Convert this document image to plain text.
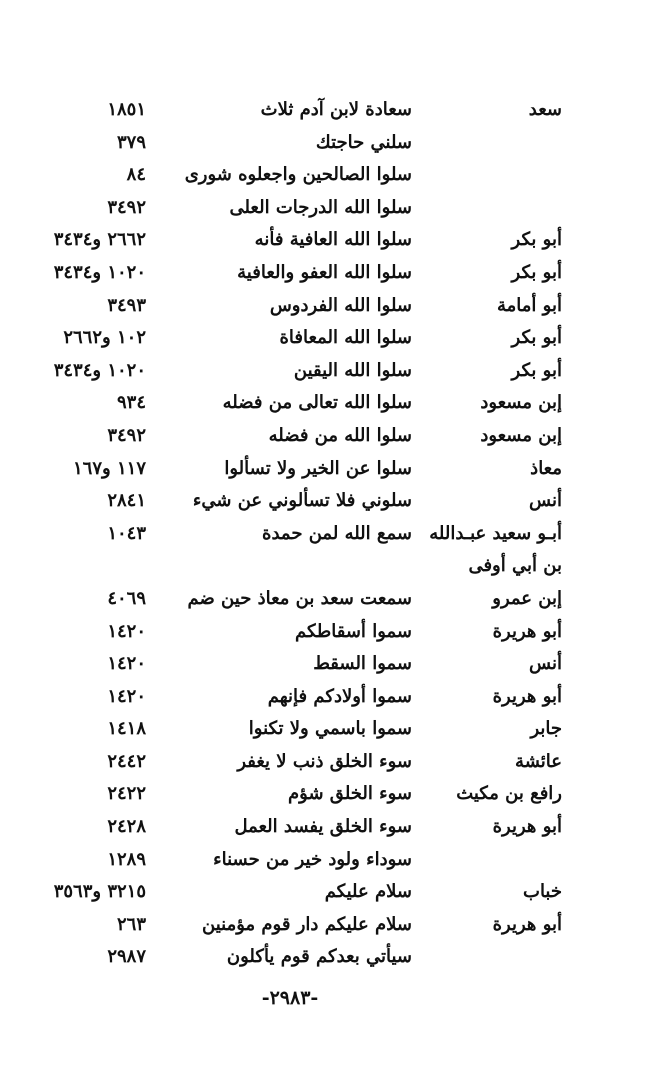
سعد
سعادة لابن آدم ثلاث
١٨٥١
سلني حاجتك
٣٧٩
سلوا الصالحين واجعلوه شورى
٨٤
سلوا الله الدرجات العلى
٣٤٩٢
أبو بكر
سلوا الله العافية فأنه
٢٦٦٢ و٣٤٣٤
أبو بكر
سلوا الله العفو والعافية
١٠٢٠ و٣٤٣٤
أبو أمامة
سلوا الله الفردوس
٣٤٩٣
أبو بكر
سلوا الله المعافاة
١٠٢ و٢٦٦٢
أبو بكر
سلوا الله اليقين
١٠٢٠ و٣٤٣٤
إبن مسعود
سلوا الله تعالى من فضله
٩٣٤
إبن مسعود
سلوا الله من فضله
٣٤٩٢
معاذ
سلوا عن الخير ولا تسألوا
١١٧ و١٦٧
أنس
سلوني فلا تسألوني عن شيء
٢٨٤١
أبـو سعيد عبـدالله
سمع الله لمن حمدة
١٠٤٣
بن أبي أوفى
إبن عمرو
سمعت سعد بن معاذ حين ضم
٤٠٦٩
أبو هريرة
سموا أسقاطكم
١٤٢٠
أنس
سموا السقط
١٤٢٠
أبو هريرة
سموا أولادكم فإنهم
١٤٢٠
جابر
سموا باسمي ولا تكنوا
١٤١٨
عائشة
سوء الخلق ذنب لا يغفر
٢٤٤٢
رافع بن مكيث
سوء الخلق شؤم
٢٤٢٢
أبو هريرة
سوء الخلق يفسد العمل
٢٤٢٨
سوداء ولود خير من حسناء
١٢٨٩
خباب
سلام عليكم
٣٢١٥ و٣٥٦٣
أبو هريرة
سلام عليكم دار قوم مؤمنين
٢٦٣
سيأتي بعدكم قوم يأكلون
٢٩٨٧
-٢٩٨٣-
